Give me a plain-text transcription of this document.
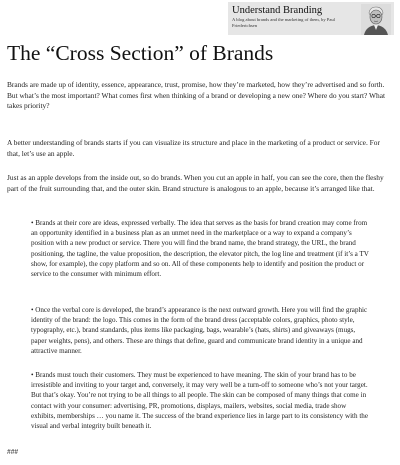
Understand Branding
A blog about brands and the marketing of them, by Paul Friederichsen
The “Cross Section” of Brands

Brands are made up of identity, essence, appearance, trust, promise, how they’re marketed, how they’re advertised and so forth. But what’s the most important? What comes first when thinking of a brand or developing a new one? Where do you start? What takes priority?

A better understanding of brands starts if you can visualize its structure and place in the marketing of a product or service. For that, let’s use an apple.

Just as an apple develops from the inside out, so do brands. When you cut an apple in half, you can see the core, then the fleshy part of the fruit surrounding that, and the outer skin. Brand structure is analogous to an apple, because it’s arranged like that.

• Brands at their core are ideas, expressed verbally. The idea that serves as the basis for brand creation may come from an opportunity identified in a business plan as an unmet need in the marketplace or a way to expand a company’s position with a new product or service. There you will find the brand name, the brand strategy, the URL, the brand positioning, the tagline, the value proposition, the description, the elevator pitch, the log line and treatment (if it’s a TV show, for example), the copy platform and so on. All of these components help to identify and position the product or service to the consumer with minimum effort.

• Once the verbal core is developed, the brand’s appearance is the next outward growth. Here you will find the graphic identity of the brand: the logo. This comes in the form of the brand dress (acceptable colors, graphics, photo style, typography, etc.), brand standards, plus items like packaging, bags, wearable’s (hats, shirts) and giveaways (mugs, paper weights, pens), and others. These are things that define, guard and communicate brand identity in a unique and attractive manner.

• Brands must touch their customers. They must be experienced to have meaning. The skin of your brand has to be irresistible and inviting to your target and, conversely, it may very well be a turn-off to someone who’s not your target. But that’s okay. You’re not trying to be all things to all people. The skin can be composed of many things that come in contact with your consumer: advertising, PR, promotions, displays, mailers, websites, social media, trade show exhibits, memberships … you name it. The success of the brand experience lies in large part to its consistency with the visual and verbal integrity built beneath it.

###
